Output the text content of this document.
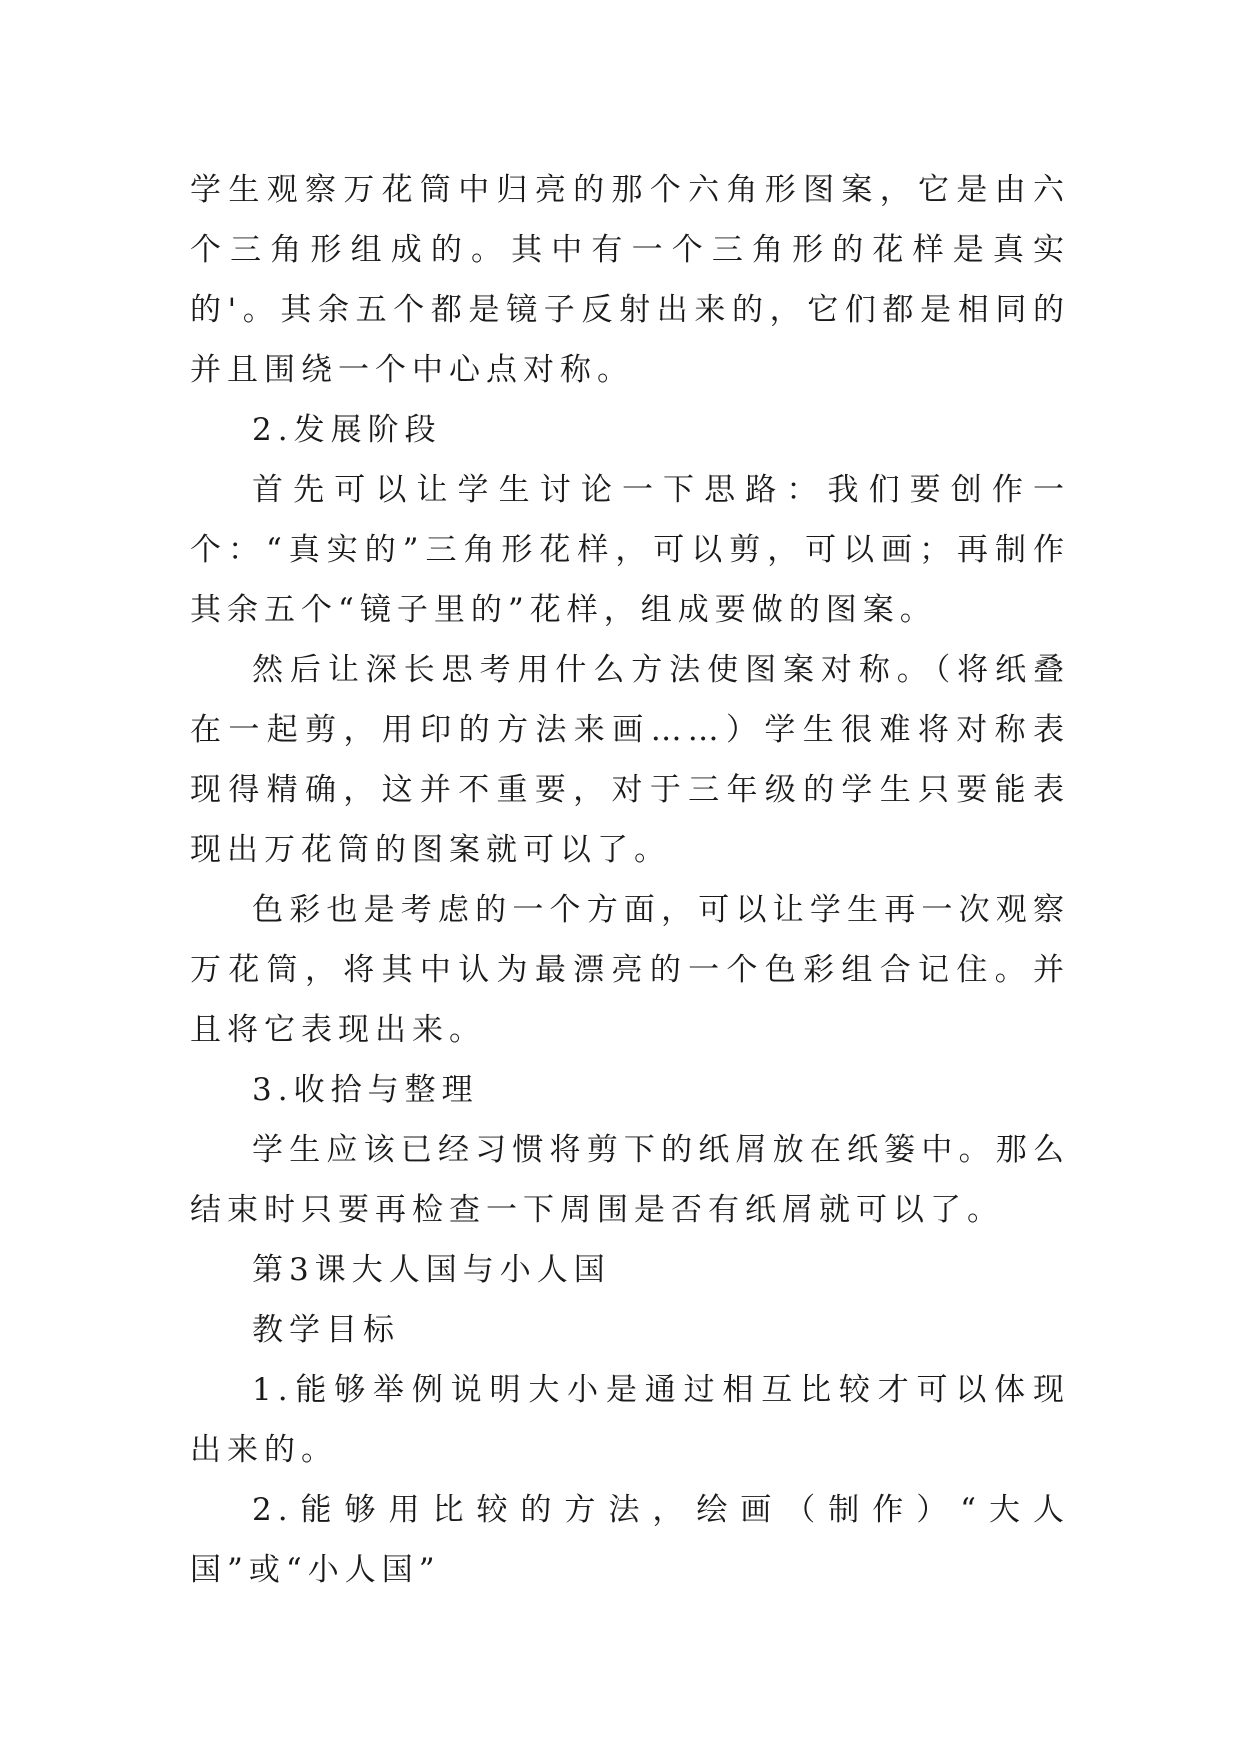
学生观察万花筒中归亮的那个六角形图案，它是由六个三角形组成的。其中有一个三角形的花样是真实的'。其余五个都是镜子反射出来的，它们都是相同的并且围绕一个中心点对称。

2.发展阶段

首先可以让学生讨论一下思路：我们要创作一个：“真实的”三角形花样，可以剪，可以画；再制作其余五个“镜子里的”花样，组成要做的图案。

然后让深长思考用什么方法使图案对称。（将纸叠在一起剪，用印的方法来画……）学生很难将对称表现得精确，这并不重要，对于三年级的学生只要能表现出万花筒的图案就可以了。

色彩也是考虑的一个方面，可以让学生再一次观察万花筒，将其中认为最漂亮的一个色彩组合记住。并且将它表现出来。

3.收拾与整理

学生应该已经习惯将剪下的纸屑放在纸篓中。那么结束时只要再检查一下周围是否有纸屑就可以了。

第3课大人国与小人国

教学目标

1.能够举例说明大小是通过相互比较才可以体现出来的。

2.能够用比较的方法，绘画（制作）“大人国”或“小人国”
